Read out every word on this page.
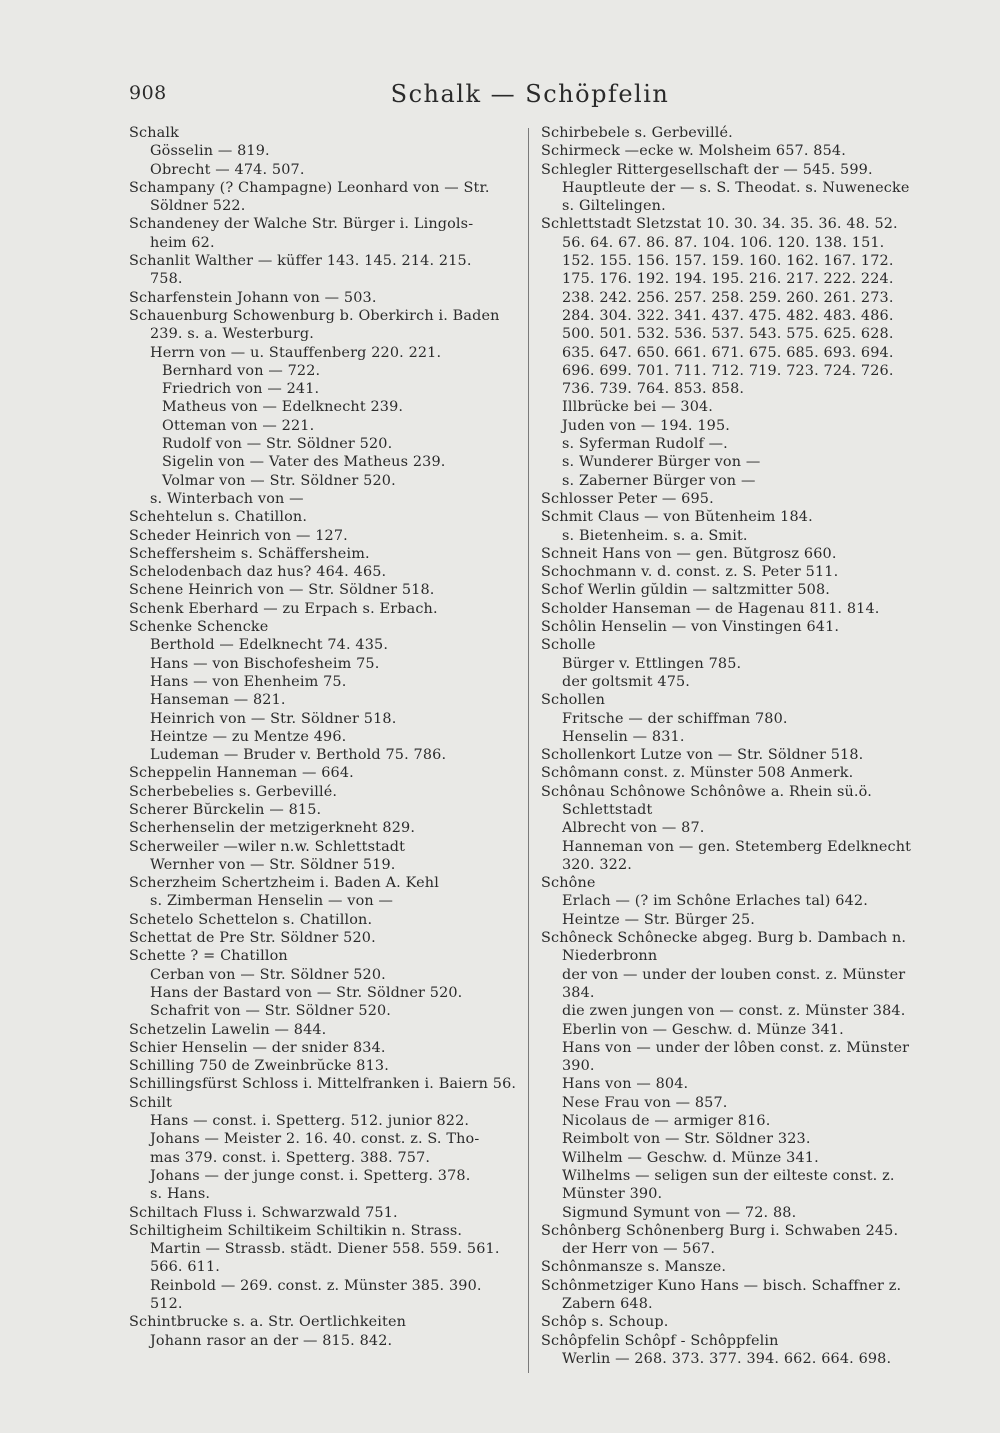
908	Schalk — Schöpfelin
Schalk
Gösselin — 819.
Obrecht — 474. 507.
Schampany (? Champagne) Leonhard von — Str.
Söldner 522.
Schandeney der Walche Str. Bürger i. Lingols-
heim 62.
Schanlit Walther — küffer 143. 145. 214. 215.
758.
Scharfenstein Johann von — 503.
Schauenburg Schowenburg b. Oberkirch i. Baden
239. s. a. Westerburg.
Herrn von — u. Stauffenberg 220. 221.
Bernhard von — 722.
Friedrich von — 241.
Matheus von — Edelknecht 239.
Otteman von — 221.
Rudolf von — Str. Söldner 520.
Sigelin von — Vater des Matheus 239.
Volmar von — Str. Söldner 520.
s. Winterbach von —
Schehtelun s. Chatillon.
Scheder Heinrich von — 127.
Scheffersheim s. Schäffersheim.
Schelodenbach daz hus? 464. 465.
Schene Heinrich von — Str. Söldner 518.
Schenk Eberhard — zu Erpach s. Erbach.
Schenke Schencke
Berthold — Edelknecht 74. 435.
Hans — von Bischofesheim 75.
Hans — von Ehenheim 75.
Hanseman — 821.
Heinrich von — Str. Söldner 518.
Heintze — zu Mentze 496.
Ludeman — Bruder v. Berthold 75. 786.
Scheppelin Hanneman — 664.
Scherbebelies s. Gerbevillé.
Scherer Bŭrckelin — 815.
Scherhenselin der metzigerkneht 829.
Scherweiler —wiler n.w. Schlettstadt
Wernher von — Str. Söldner 519.
Scherzheim Schertzheim i. Baden A. Kehl
s. Zimberman Henselin — von —
Schetelo Schettelon s. Chatillon.
Schettat de Pre Str. Söldner 520.
Schette ? = Chatillon
Cerban von — Str. Söldner 520.
Hans der Bastard von — Str. Söldner 520.
Schafrit von — Str. Söldner 520.
Schetzelin Lawelin — 844.
Schier Henselin — der snider 834.
Schilling 750 de Zweinbrŭcke 813.
Schillingsfürst Schloss i. Mittelfranken i. Baiern 56.
Schilt
Hans — const. i. Spetterg. 512. junior 822.
Johans — Meister 2. 16. 40. const. z. S. Tho-
mas 379. const. i. Spetterg. 388. 757.
Johans — der junge const. i. Spetterg. 378.
s. Hans.
Schiltach Fluss i. Schwarzwald 751.
Schiltigheim Schiltikeim Schiltikin n. Strass.
Martin — Strassb. städt. Diener 558. 559. 561.
566. 611.
Reinbold — 269. const. z. Münster 385. 390.
512.
Schintbrucke s. a. Str. Oertlichkeiten
Johann rasor an der — 815. 842.
Schirbebele s. Gerbevillé.
Schirmeck —ecke w. Molsheim 657. 854.
Schlegler Rittergesellschaft der — 545. 599.
Hauptleute der — s. S. Theodat. s. Nuwenecke
s. Giltelingen.
Schlettstadt Sletzstat 10. 30. 34. 35. 36. 48. 52.
56. 64. 67. 86. 87. 104. 106. 120. 138. 151.
152. 155. 156. 157. 159. 160. 162. 167. 172.
175. 176. 192. 194. 195. 216. 217. 222. 224.
238. 242. 256. 257. 258. 259. 260. 261. 273.
284. 304. 322. 341. 437. 475. 482. 483. 486.
500. 501. 532. 536. 537. 543. 575. 625. 628.
635. 647. 650. 661. 671. 675. 685. 693. 694.
696. 699. 701. 711. 712. 719. 723. 724. 726.
736. 739. 764. 853. 858.
Illbrücke bei — 304.
Juden von — 194. 195.
s. Syferman Rudolf —.
s. Wunderer Bürger von —
s. Zaberner Bürger von —
Schlosser Peter — 695.
Schmit Claus — von Bŭtenheim 184.
s. Bietenheim. s. a. Smit.
Schneit Hans von — gen. Bŭtgrosz 660.
Schochmann v. d. const. z. S. Peter 511.
Schof Werlin gŭldin — saltzmitter 508.
Scholder Hanseman — de Hagenau 811. 814.
Schôlin Henselin — von Vinstingen 641.
Scholle
Bürger v. Ettlingen 785.
der goltsmit 475.
Schollen
Fritsche — der schiffman 780.
Henselin — 831.
Schollenkort Lutze von — Str. Söldner 518.
Schômann const. z. Münster 508 Anmerk.
Schônau Schônowe Schônôwe a. Rhein sü.ö.
Schlettstadt
Albrecht von — 87.
Hanneman von — gen. Stetemberg Edelknecht
320. 322.
Schône
Erlach — (? im Schône Erlaches tal) 642.
Heintze — Str. Bürger 25.
Schôneck Schônecke abgeg. Burg b. Dambach n.
Niederbronn
der von — under der louben const. z. Münster
384.
die zwen jungen von — const. z. Münster 384.
Eberlin von — Geschw. d. Münze 341.
Hans von — under der lôben const. z. Münster
390.
Hans von — 804.
Nese Frau von — 857.
Nicolaus de — armiger 816.
Reimbolt von — Str. Söldner 323.
Wilhelm — Geschw. d. Münze 341.
Wilhelms — seligen sun der eilteste const. z.
Münster 390.
Sigmund Symunt von — 72. 88.
Schônberg Schônenberg Burg i. Schwaben 245.
der Herr von — 567.
Schônmansze s. Mansze.
Schônmetziger Kuno Hans — bisch. Schaffner z.
Zabern 648.
Schôp s. Schoup.
Schôpfelin Schôpf - Schôppfelin
Werlin — 268. 373. 377. 394. 662. 664. 698.
